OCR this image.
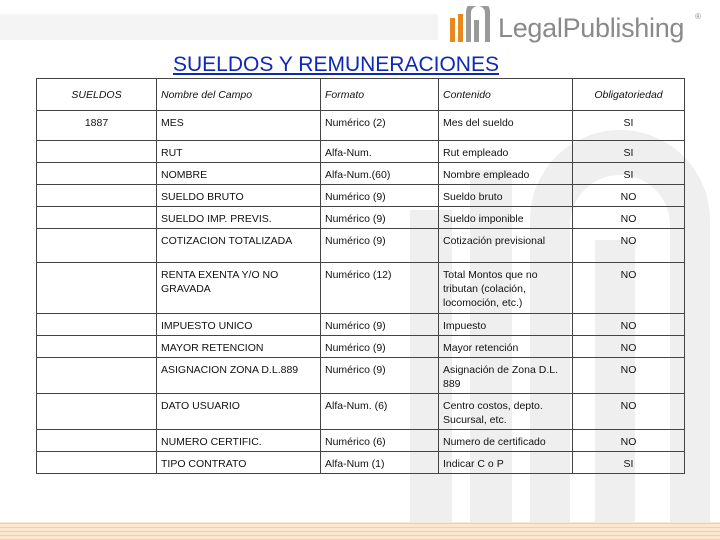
LegalPublishing ®
SUELDOS Y REMUNERACIONES
SUELDOS	Nombre del Campo	Formato	Contenido	Obligatoriedad
1887	MES	Numérico (2)	Mes del sueldo	SI
	RUT	Alfa-Num.	Rut empleado	SI
	NOMBRE	Alfa-Num.(60)	Nombre empleado	SI
	SUELDO BRUTO	Numérico (9)	Sueldo bruto	NO
	SUELDO IMP. PREVIS.	Numérico (9)	Sueldo imponible	NO
	COTIZACION TOTALIZADA	Numérico (9)	Cotización previsional	NO
	RENTA EXENTA Y/O NO GRAVADA	Numérico (12)	Total Montos que no tributan (colación, locomoción, etc.)	NO
	IMPUESTO UNICO	Numérico (9)	Impuesto	NO
	MAYOR RETENCION	Numérico (9)	Mayor retención	NO
	ASIGNACION ZONA D.L.889	Numérico (9)	Asignación de Zona D.L. 889	NO
	DATO USUARIO	Alfa-Num. (6)	Centro costos, depto. Sucursal, etc.	NO
	NUMERO CERTIFIC.	Numérico (6)	Numero de certificado	NO
	TIPO CONTRATO	Alfa-Num (1)	Indicar C o P	SI
